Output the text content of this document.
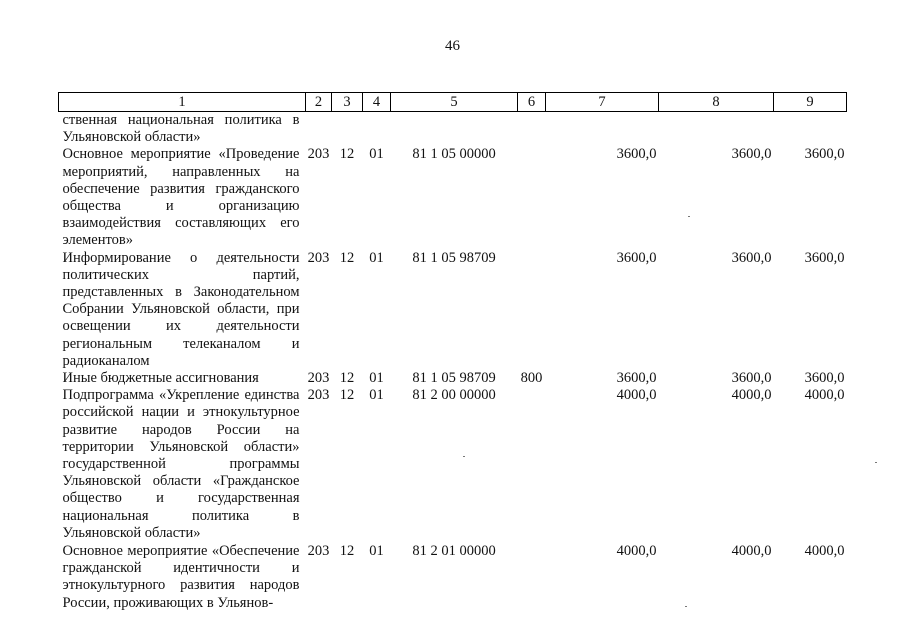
46
1	2	3	4	5	6	7	8	9
ственная национальная политика в Ульяновской области»								
Основное мероприятие «Проведение мероприятий, направленных на обеспечение развития гражданского общества и организацию взаимодействия составляющих его элементов»	203	12	01	81 1 05 00000		3600,0	3600,0	3600,0
Информирование о деятельности политических партий, представленных в Законодательном Собрании Ульяновской области, при освещении их деятельности региональным телеканалом и радиоканалом	203	12	01	81 1 05 98709		3600,0	3600,0	3600,0
Иные бюджетные ассигнования	203	12	01	81 1 05 98709	800	3600,0	3600,0	3600,0
Подпрограмма «Укрепление единства российской нации и этнокультурное развитие народов России на территории Ульяновской области» государственной программы Ульяновской области «Гражданское общество и государственная национальная политика в Ульяновской области»	203	12	01	81 2 00 00000		4000,0	4000,0	4000,0
Основное мероприятие «Обеспечение гражданской идентичности и этнокультурного развития народов России, проживающих в Ульянов-	203	12	01	81 2 01 00000		4000,0	4000,0	4000,0
